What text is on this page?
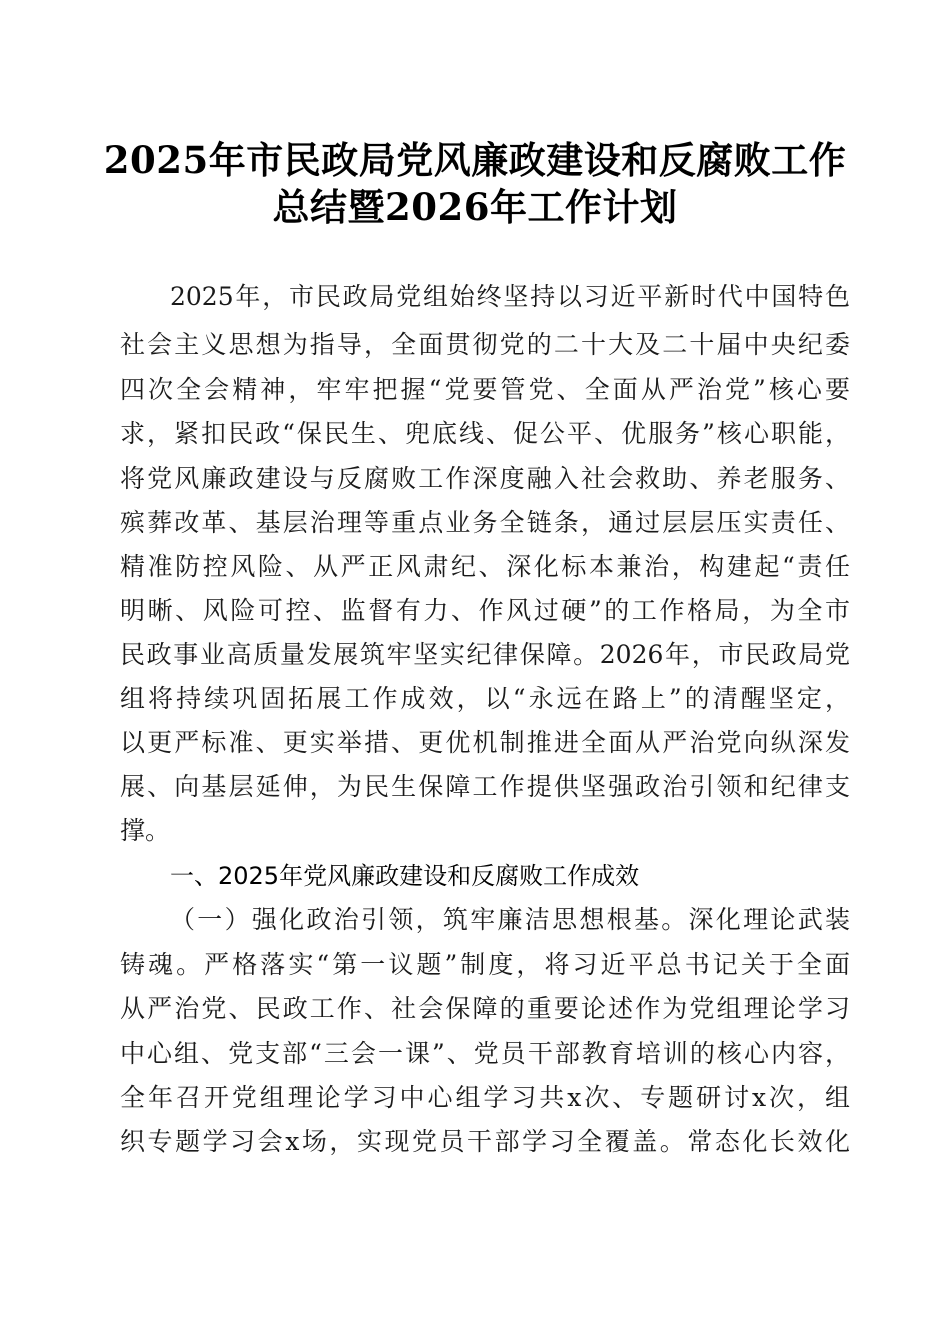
2025年市民政局党风廉政建设和反腐败工作
总结暨2026年工作计划
2025年，市民政局党组始终坚持以习近平新时代中国特色
社会主义思想为指导，全面贯彻党的二十大及二十届中央纪委
四次全会精神，牢牢把握“党要管党、全面从严治党”核心要
求，紧扣民政“保民生、兜底线、促公平、优服务”核心职能，
将党风廉政建设与反腐败工作深度融入社会救助、养老服务、
殡葬改革、基层治理等重点业务全链条，通过层层压实责任、
精准防控风险、从严正风肃纪、深化标本兼治，构建起“责任
明晰、风险可控、监督有力、作风过硬”的工作格局，为全市
民政事业高质量发展筑牢坚实纪律保障。2026年，市民政局党
组将持续巩固拓展工作成效，以“永远在路上”的清醒坚定，
以更严标准、更实举措、更优机制推进全面从严治党向纵深发
展、向基层延伸，为民生保障工作提供坚强政治引领和纪律支
撑。
一、2025年党风廉政建设和反腐败工作成效
（一）强化政治引领，筑牢廉洁思想根基。深化理论武装
铸魂。严格落实“第一议题”制度，将习近平总书记关于全面
从严治党、民政工作、社会保障的重要论述作为党组理论学习
中心组、党支部“三会一课”、党员干部教育培训的核心内容，
全年召开党组理论学习中心组学习共x次、专题研讨x次，组
织专题学习会x场，实现党员干部学习全覆盖。常态化长效化
